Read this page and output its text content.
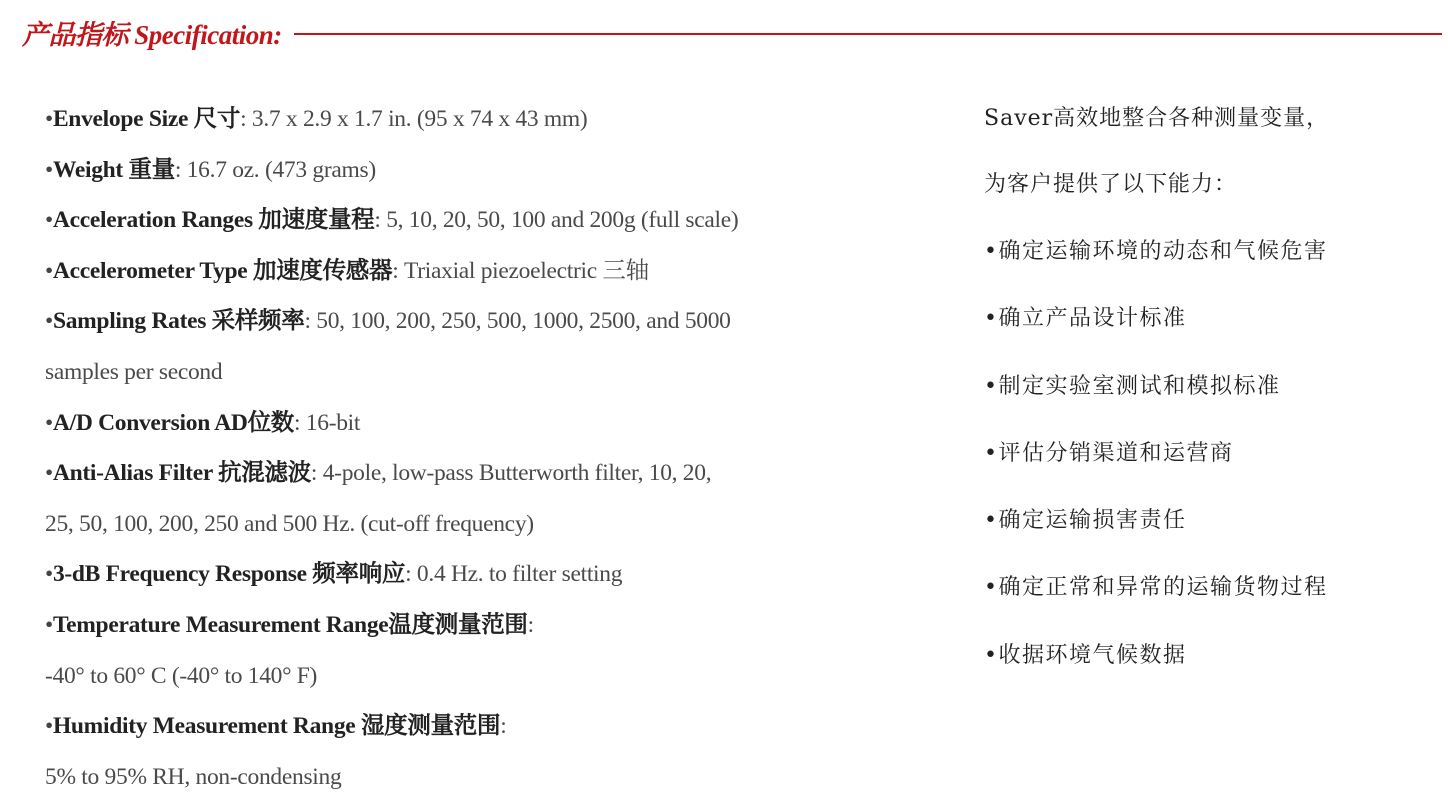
产品指标 Specification:
•Envelope Size 尺寸: 3.7 x 2.9 x 1.7 in. (95 x 74 x 43 mm)
•Weight 重量: 16.7 oz. (473 grams)
•Acceleration Ranges 加速度量程: 5, 10, 20, 50, 100 and 200g (full scale)
•Accelerometer Type 加速度传感器: Triaxial piezoelectric 三轴
•Sampling Rates 采样频率: 50, 100, 200, 250, 500, 1000, 2500, and 5000
samples per second
•A/D Conversion AD位数: 16-bit
•Anti-Alias Filter 抗混滤波: 4-pole, low-pass Butterworth filter, 10, 20,
25, 50, 100, 200, 250 and 500 Hz. (cut-off frequency)
•3-dB Frequency Response 频率响应: 0.4 Hz. to filter setting
•Temperature Measurement Range温度测量范围:
-40° to 60° C (-40° to 140° F)
•Humidity Measurement Range 湿度测量范围:
5% to 95% RH, non-condensing
Saver高效地整合各种测量变量，
为客户提供了以下能力：
•确定运输环境的动态和气候危害
•确立产品设计标准
•制定实验室测试和模拟标准
•评估分销渠道和运营商
•确定运输损害责任
•确定正常和异常的运输货物过程
•收据环境气候数据
